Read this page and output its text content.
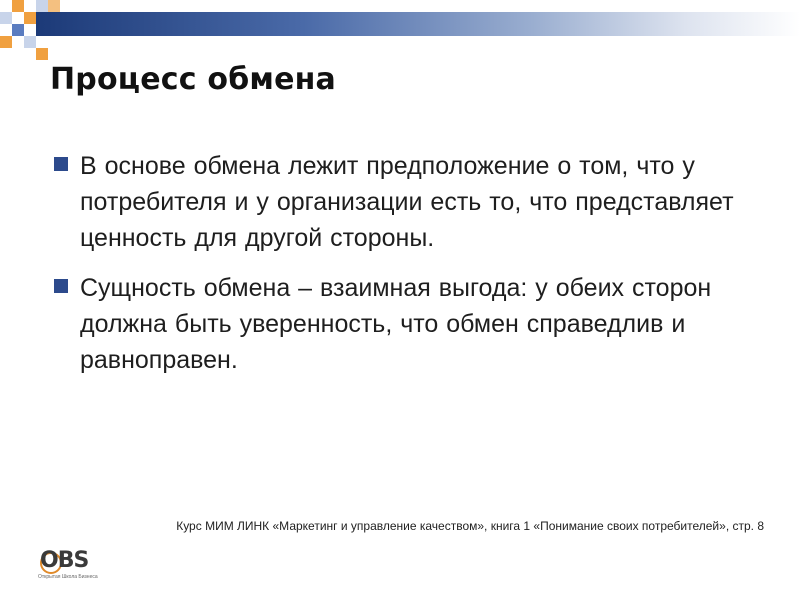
Процесс обмена
В основе обмена лежит предположение о том, что у потребителя и у организации есть то, что представляет ценность для другой стороны.
Сущность обмена – взаимная выгода: у обеих сторон должна быть уверенность, что обмен справедлив и равноправен.
Курс МИМ ЛИНК «Маркетинг и управление качеством», книга 1 «Понимание своих потребителей», стр. 8
OBS
Открытая Школа Бизнеса
